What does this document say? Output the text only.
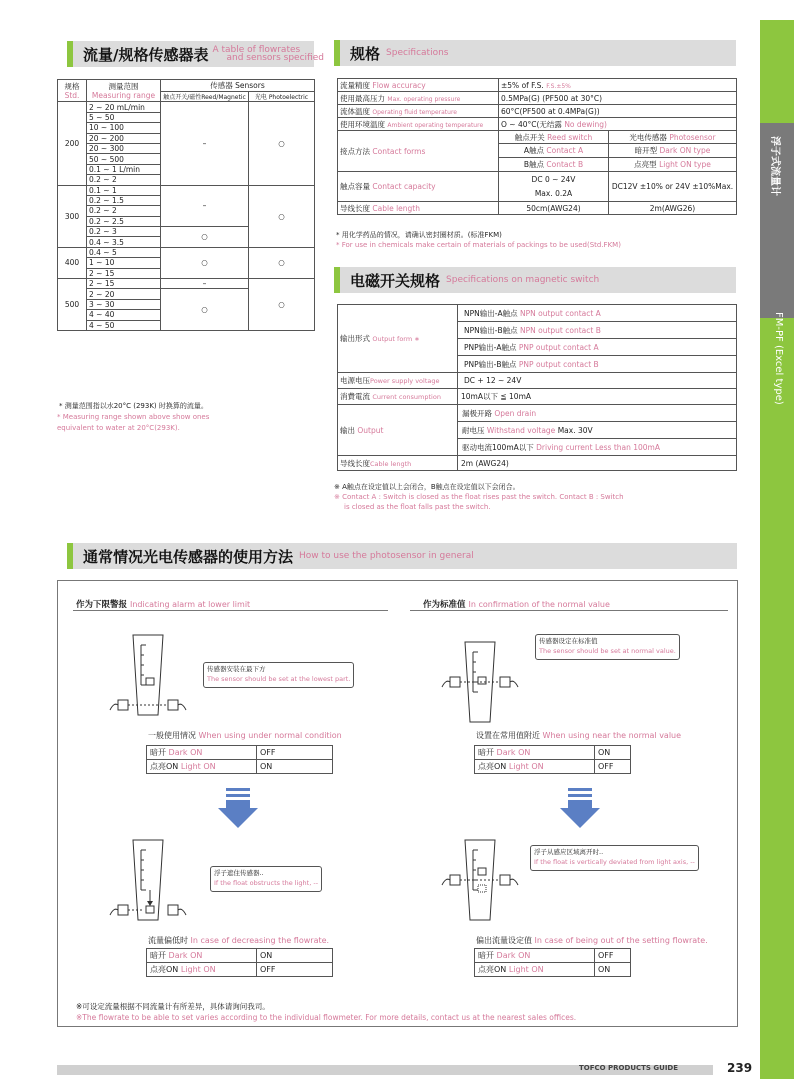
浮子式流量计
FM-PF (Excel type)
流量/规格传感器表 A table of flowrates
and sensors specified
规格
Std.	测量范围
Measuring range	传感器 Sensors	
		触点开关/磁性Reed/Magnetic	光电 Photoelectric
200	2 ~ 20 mL/min	–	○
	5 ~ 50		
	10 ~ 100		
	20 ~ 200		
	20 ~ 300		
	50 ~ 500		
	0.1 ~ 1 L/min		
	0.2 ~ 2		
300	0.1 ~ 1	–	○
	0.2 ~ 1.5		
	0.2 ~ 2		
	0.2 ~ 2.5		
	0.2 ~ 3	○	
	0.4 ~ 3.5		
400	0.4 ~ 5	○	○
	1 ~ 10		
	2 ~ 15		
500	2 ~ 15	–	○
	2 ~ 20	○	
	3 ~ 30		
	4 ~ 40		
	4 ~ 50		
* 测量范围指以水20°C (293K) 时换算的流量。
* Measuring range shown above show ones
equivalent to water at 20°C(293K).
规格 Specifications
流量精度 Flow accuracy	±5% of F.S. F.S.±5%	
使用最高压力 Max. operating pressure	0.5MPa(G) (PF500 at 30°C)	
流体温度 Operating fluid temperature	60°C(PF500 at 0.4MPa(G))	
使用环境温度 Ambient operating temperature	O ~ 40°C(无结露 No dewing)	
接点方法 Contact forms	触点开关 Reed switch	光电传感器 Photosensor
	A触点 Contact A	暗开型 Dark ON type
	B触点 Contact B	点亮型 Light ON type
触点容量 Contact capacity	DC 0 ~ 24V
Max. 0.2A	DC12V ±10% or 24V ±10%Max.
导线长度 Cable length	50cm(AWG24)	2m(AWG26)
* 用化学药品的情况，请确认密封圈材质。(标准FKM)
* For use in chemicals make certain of materials of packings to be used(Std.FKM)
电磁开关规格 Specifications on magnetic switch
输出形式 Output form ∗	NPN输出-A触点 NPN output contact A
	NPN输出-B触点 NPN output contact B
	PNP输出-A触点 PNP output contact A
	PNP输出-B触点 PNP output contact B
电源电压Power supply voltage	DC + 12 ~ 24V
消費電流 Current consumption	10mA以下 ≦ 10mA
输出 Output	漏极开路 Open drain
	耐电压 Withstand voltage Max. 30V
	驱动电流100mA以下 Driving current Less than 100mA
导线长度Cable length	2m (AWG24)
※ A触点在设定值以上会闭合，B触点在设定值以下会闭合。
※ Contact A : Switch is closed as the float rises past the switch. Contact B : Switch
is closed as the float falls past the switch.
通常情况光电传感器的使用方法 How to use the photosensor in general
作为下限警报 Indicating alarm at lower limit
传感器安装在最下方
The sensor should be set at the lowest part.
一般使用情况 When using under normal condition
暗开 Dark ON	OFF
点亮ON Light ON	ON
浮子遮住传感器..
If the float obstructs the light, --
流量偏低时 In case of decreasing the flowrate.
暗开 Dark ON	ON
点亮ON Light ON	OFF
作为标准值 In confirmation of the normal value
传感器设定在标准值
The sensor should be set at normal value.
设置在常用值附近 When using near the normal value
暗开 Dark ON	ON
点亮ON Light ON	OFF
浮子从感应区域离开时..
If the float is vertically deviated from light axis, --
偏出流量设定值 In case of being out of the setting flowrate.
暗开 Dark ON	OFF
点亮ON Light ON	ON
※可设定流量根据不同流量计有所差异，具体请询问我司。
※The flowrate to be able to set varies according to the individual flowmeter. For more details, contact us at the nearest sales offices.
TOFCO PRODUCTS GUIDE	239
